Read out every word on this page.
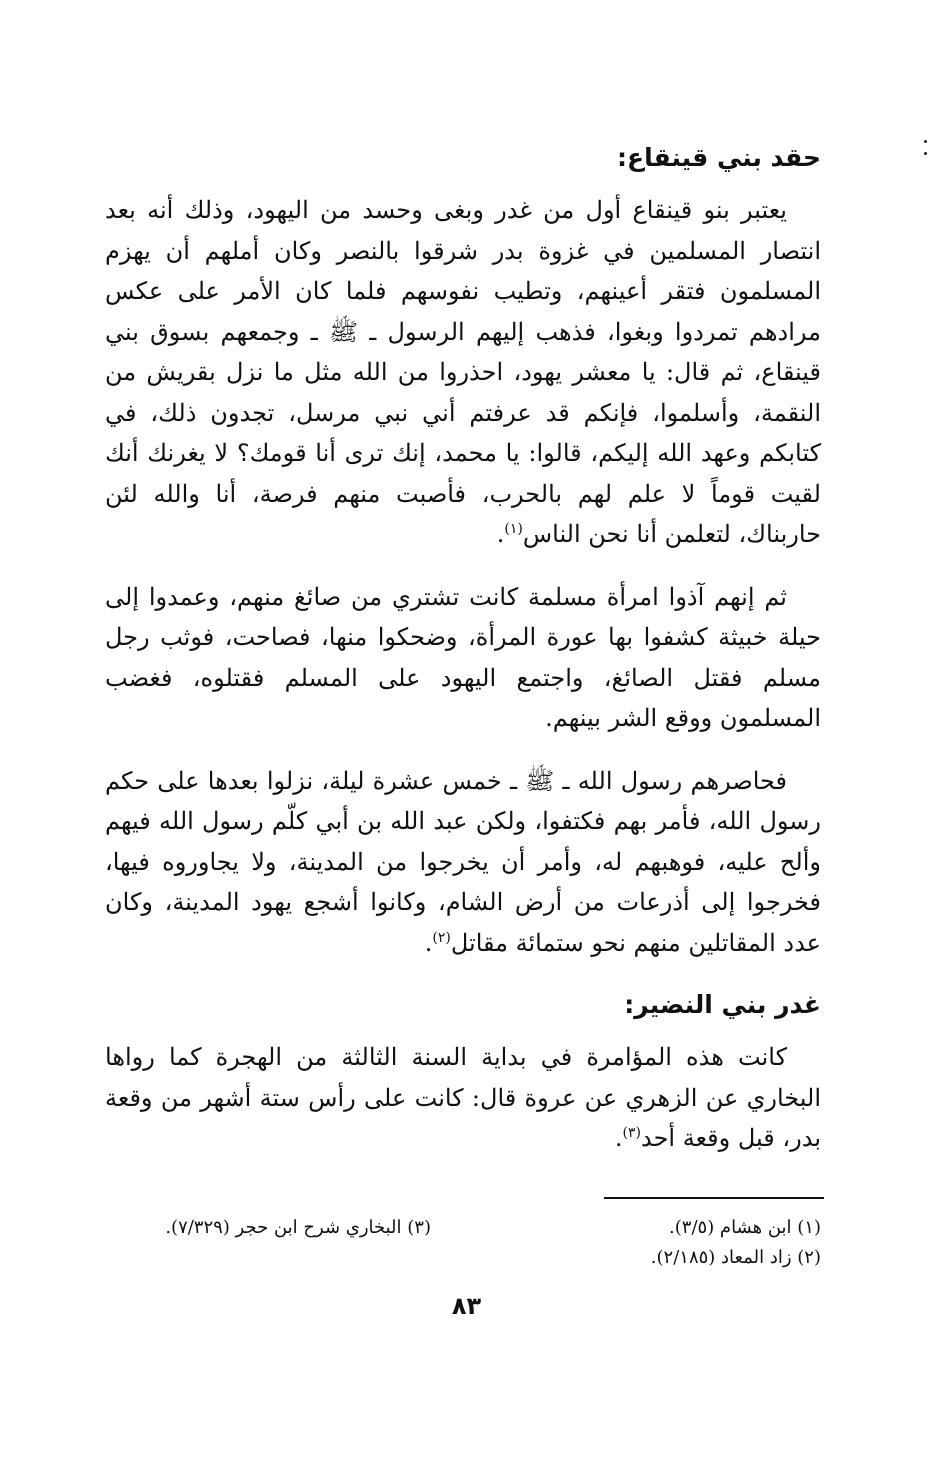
حقد بني قينقاع:

يعتبر بنو قينقاع أول من غدر وبغى وحسد من اليهود، وذلك أنه بعد انتصار المسلمين في غزوة بدر شرقوا بالنصر وكان أملهم أن يهزم المسلمون فتقر أعينهم، وتطيب نفوسهم فلما كان الأمر على عكس مرادهم تمردوا وبغوا، فذهب إليهم الرسول ـ ﷺ ـ وجمعهم بسوق بني قينقاع، ثم قال: يا معشر يهود، احذروا من الله مثل ما نزل بقريش من النقمة، وأسلموا، فإنكم قد عرفتم أني نبي مرسل، تجدون ذلك، في كتابكم وعهد الله إليكم، قالوا: يا محمد، إنك ترى أنا قومك؟ لا يغرنك أنك لقيت قوماً لا علم لهم بالحرب، فأصبت منهم فرصة، أنا والله لئن حاربناك، لتعلمن أنا نحن الناس$^{(١)}$.

ثم إنهم آذوا امرأة مسلمة كانت تشتري من صائغ منهم، وعمدوا إلى حيلة خبيثة كشفوا بها عورة المرأة، وضحكوا منها، فصاحت، فوثب رجل مسلم فقتل الصائغ، واجتمع اليهود على المسلم فقتلوه، فغضب المسلمون ووقع الشر بينهم.

فحاصرهم رسول الله ـ ﷺ ـ خمس عشرة ليلة، نزلوا بعدها على حكم رسول الله، فأمر بهم فكتفوا، ولكن عبد الله بن أبي كلّم رسول الله فيهم وألح عليه، فوهبهم له، وأمر أن يخرجوا من المدينة، ولا يجاوروه فيها، فخرجوا إلى أذرعات من أرض الشام، وكانوا أشجع يهود المدينة، وكان عدد المقاتلين منهم نحو ستمائة مقاتل$^{(٢)}$.

غدر بني النضير:

كانت هذه المؤامرة في بداية السنة الثالثة من الهجرة كما رواها البخاري عن الزهري عن عروة قال: كانت على رأس ستة أشهر من وقعة بدر، قبل وقعة أحد$^{(٣)}$.

(١) ابن هشام (٣/٥).
(٣) البخاري شرح ابن حجر (٧/٣٢٩).
(٢) زاد المعاد (٢/١٨٥).
٨٣
